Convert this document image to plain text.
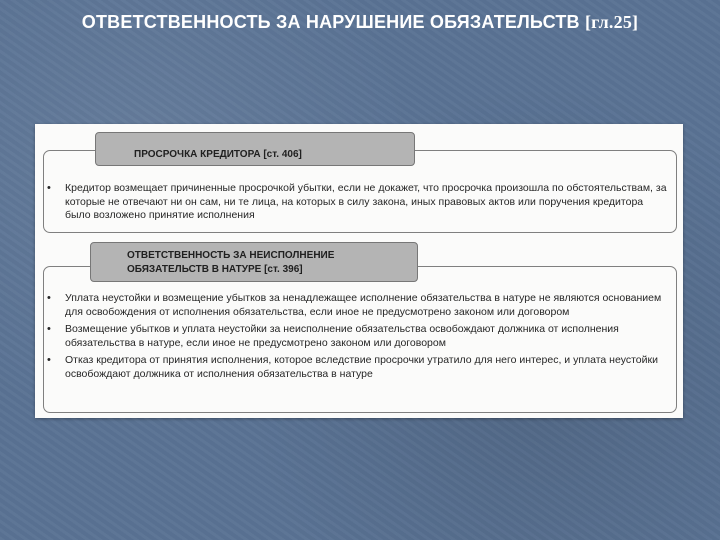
ОТВЕТСТВЕННОСТЬ ЗА НАРУШЕНИЕ ОБЯЗАТЕЛЬСТВ [гл.25]
ПРОСРОЧКА КРЕДИТОРА [ст. 406]
• Кредитор возмещает причиненные просрочкой убытки, если не докажет, что просрочка произошла по обстоятельствам, за которые не отвечают ни он сам, ни те лица, на которых в силу закона, иных правовых актов или поручения кредитора было возложено принятие исполнения
ОТВЕТСТВЕННОСТЬ ЗА НЕИСПОЛНЕНИЕ
ОБЯЗАТЕЛЬСТВ В НАТУРЕ [ст. 396]
• Уплата неустойки и возмещение убытков за ненадлежащее исполнение обязательства в натуре не являются основанием для освобождения от исполнения обязательства, если иное не предусмотрено законом или договором
• Возмещение убытков и уплата неустойки за неисполнение обязательства освобождают должника от исполнения обязательства в натуре, если иное не предусмотрено законом или договором
• Отказ кредитора от принятия исполнения, которое вследствие просрочки утратило для него интерес, и уплата неустойки освобождают должника от исполнения обязательства в натуре
